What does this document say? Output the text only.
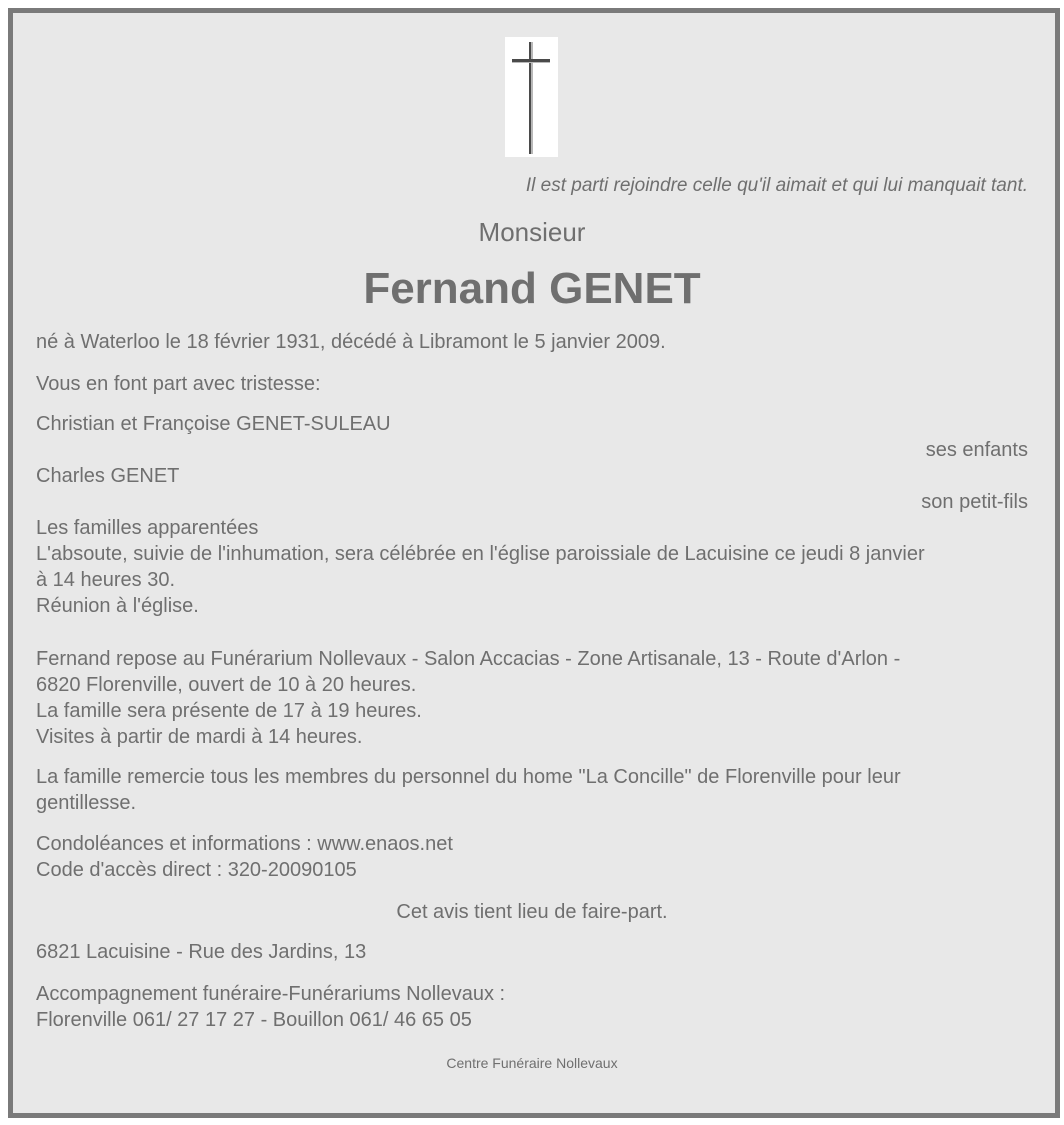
Il est parti rejoindre celle qu'il aimait et qui lui manquait tant.
Monsieur
Fernand GENET
né à Waterloo le 18 février 1931, décédé à Libramont le 5 janvier 2009.
Vous en font part avec tristesse:
Christian et Françoise GENET-SULEAU
ses enfants
Charles GENET
son petit-fils
Les familles apparentées
L'absoute, suivie de l'inhumation, sera célébrée en l'église paroissiale de Lacuisine ce jeudi 8 janvier
à 14 heures 30.
Réunion à l'église.
Fernand repose au Funérarium Nollevaux - Salon Accacias - Zone Artisanale, 13 - Route d'Arlon -
6820 Florenville, ouvert de 10 à 20 heures.
La famille sera présente de 17 à 19 heures.
Visites à partir de mardi à 14 heures.
La famille remercie tous les membres du personnel du home "La Concille" de Florenville pour leur
gentillesse.
Condoléances et informations : www.enaos.net
Code d'accès direct : 320-20090105
Cet avis tient lieu de faire-part.
6821 Lacuisine - Rue des Jardins, 13
Accompagnement funéraire-Funérariums Nollevaux :
Florenville 061/ 27 17 27 - Bouillon 061/ 46 65 05
Centre Funéraire Nollevaux
